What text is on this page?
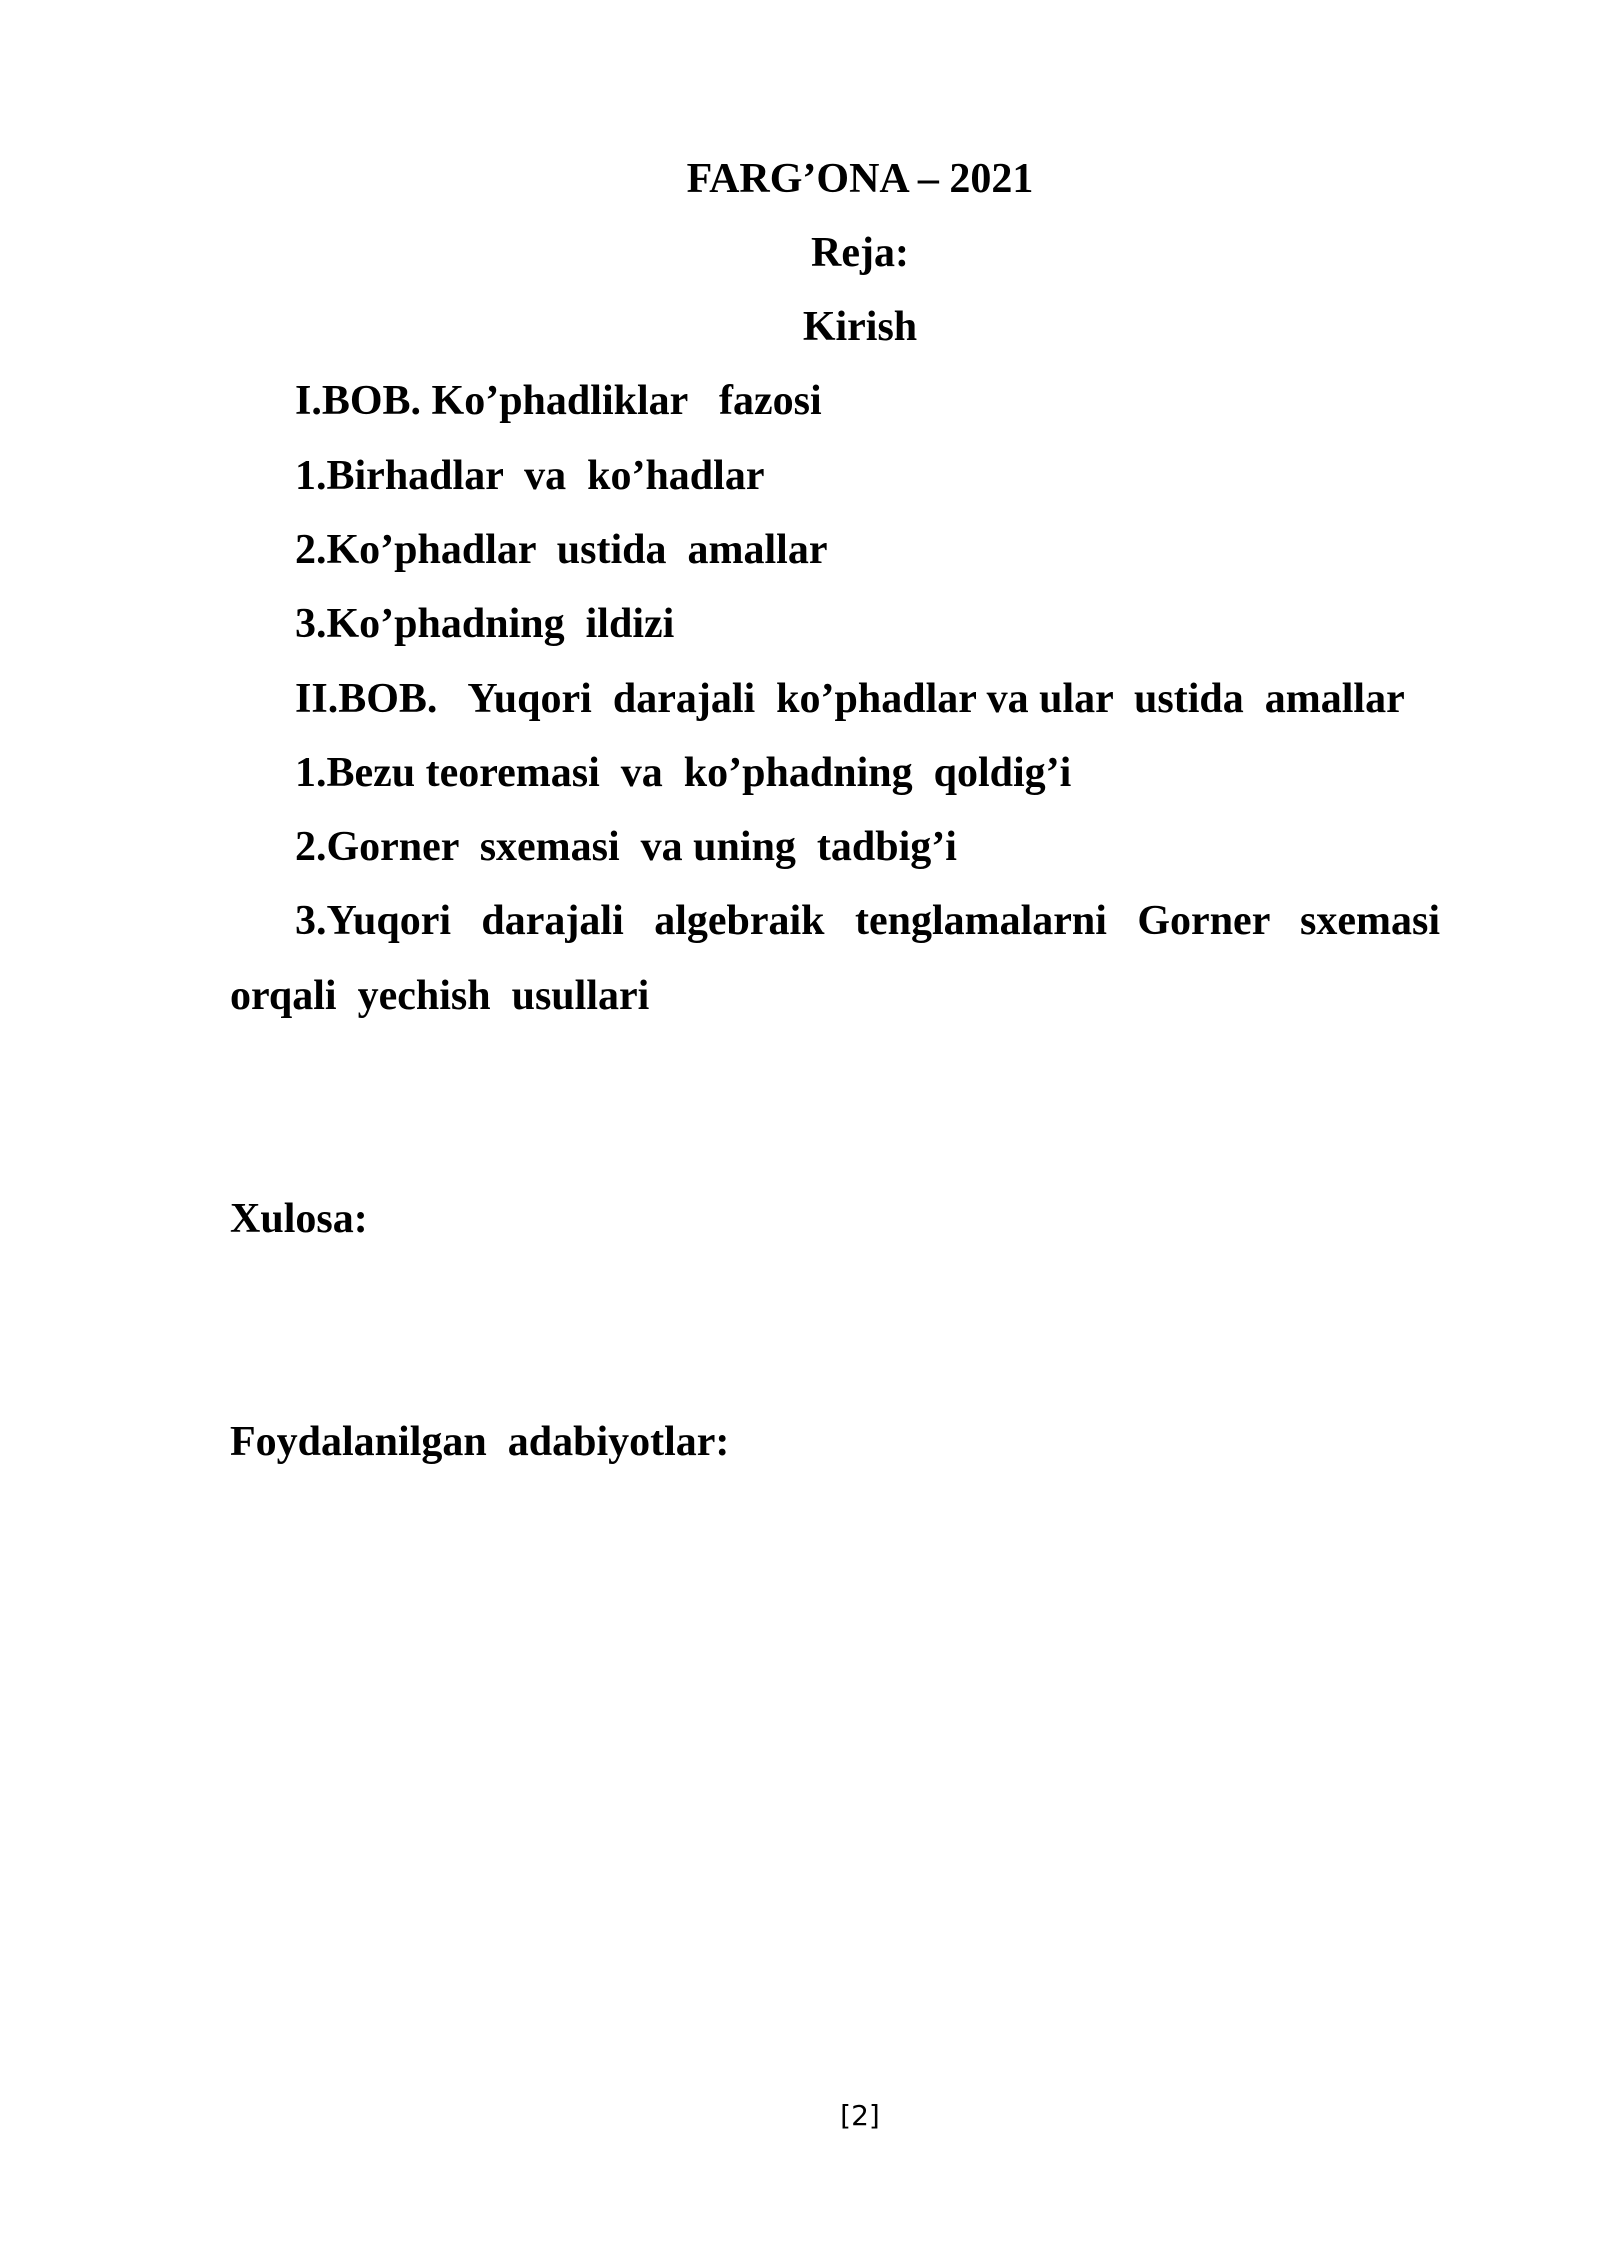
FARG’ONA – 2021
Reja:
Kirish
I.BOB. Ko’phadliklar   fazosi
1.Birhadlar  va  ko’hadlar
2.Ko’phadlar  ustida  amallar
3.Ko’phadning  ildizi
II.BOB.   Yuqori  darajali  ko’phadlar va ular  ustida  amallar
1.Bezu teoremasi  va  ko’phadning  qoldig’i
2.Gorner  sxemasi  va uning  tadbig’i
3.Yuqori darajali algebraik tenglamalarni Gorner sxemasi
orqali  yechish  usullari
Xulosa:
Foydalanilgan  adabiyotlar:
[2]
